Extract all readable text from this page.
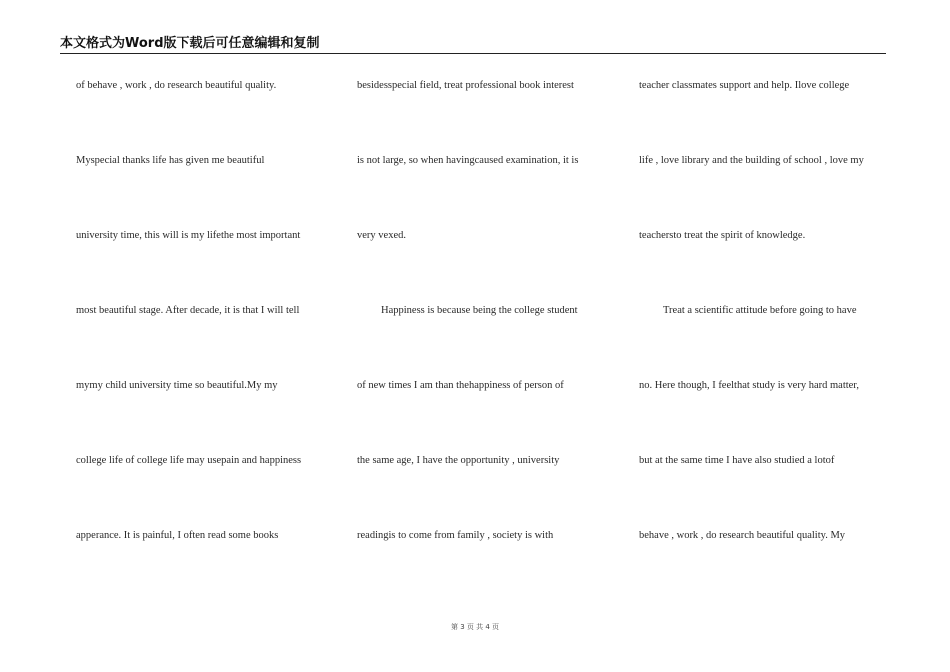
本文格式为Word版下载后可任意编辑和复制
of behave , work , do research beautiful quality.
Myspecial thanks life has given me beautiful
university time, this will is my lifethe most important
most beautiful stage. After decade, it is that I will tell
mymy child university time so beautiful.My my
college life of college life may usepain and happiness
apperance. It is painful, I often read some books
besidesspecial field, treat professional book interest
is not large, so when havingcaused examination, it is
very vexed.
Happiness is because being the college student
of new times I am than thehappiness of person of
the same age, I have the opportunity , university
readingis to come from family , society is with
teacher classmates support and help. Ilove college
life , love library and the building of school , love my
teachersto treat the spirit of knowledge.
Treat a scientific attitude before going to have
no. Here though, I feelthat study is very hard matter,
but at the same time I have also studied a lotof
behave , work , do research beautiful quality. My
第 3 页 共 4 页
